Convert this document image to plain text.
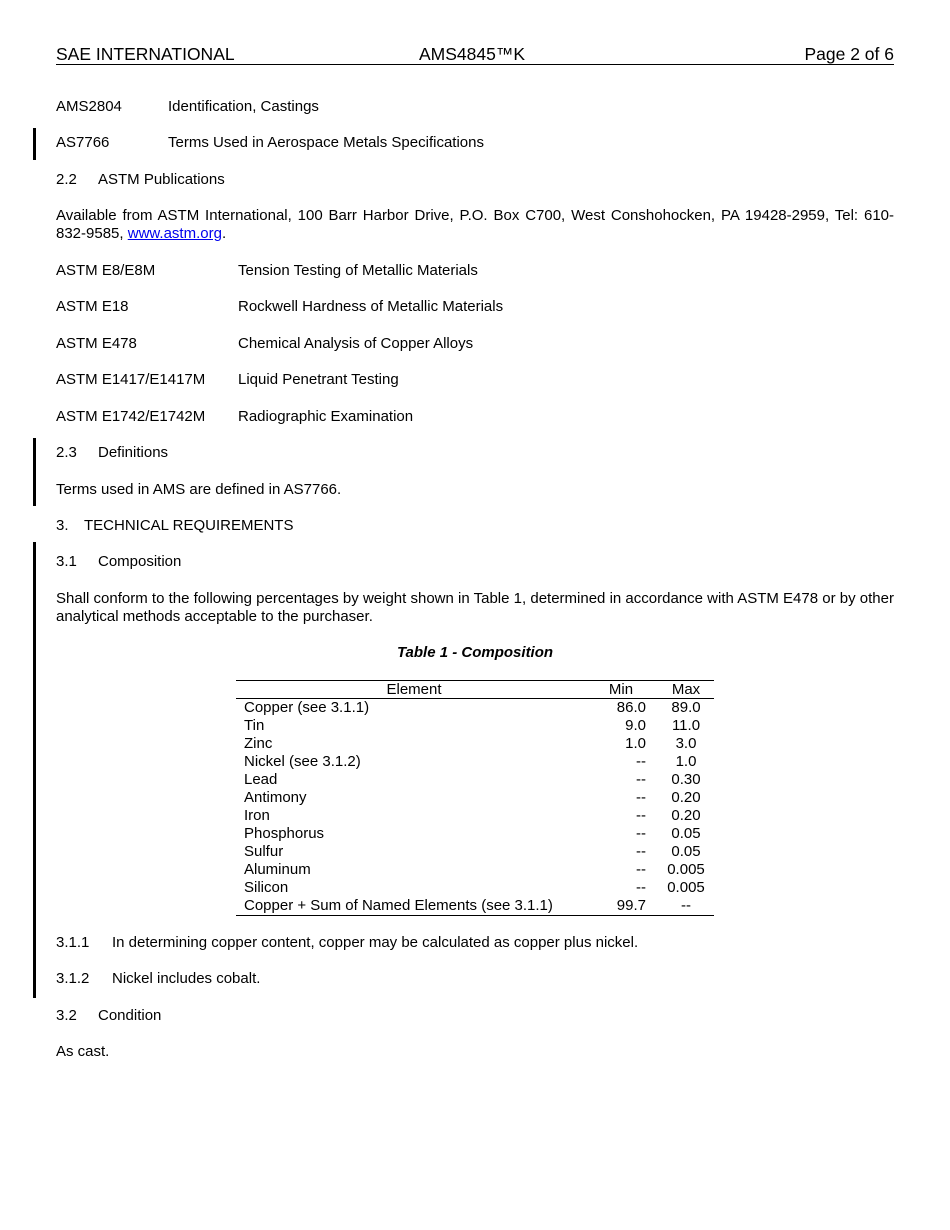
SAE INTERNATIONAL	AMS4845™K	Page 2 of 6
AMS2804	Identification, Castings
AS7766	Terms Used in Aerospace Metals Specifications
2.2 ASTM Publications
Available from ASTM International, 100 Barr Harbor Drive, P.O. Box C700, West Conshohocken, PA 19428-2959, Tel: 610-832-9585, www.astm.org.
ASTM E8/E8M	Tension Testing of Metallic Materials
ASTM E18	Rockwell Hardness of Metallic Materials
ASTM E478	Chemical Analysis of Copper Alloys
ASTM E1417/E1417M Liquid Penetrant Testing
ASTM E1742/E1742M Radiographic Examination
2.3 Definitions
Terms used in AMS are defined in AS7766.
3. TECHNICAL REQUIREMENTS
3.1 Composition
Shall conform to the following percentages by weight shown in Table 1, determined in accordance with ASTM E478 or by other analytical methods acceptable to the purchaser.
Table 1 - Composition
Element	Min	Max
Copper (see 3.1.1)	86.0	89.0
Tin	9.0	11.0
Zinc	1.0	3.0
Nickel (see 3.1.2)	--	1.0
Lead	--	0.30
Antimony	--	0.20
Iron	--	0.20
Phosphorus	--	0.05
Sulfur	--	0.05
Aluminum	--	0.005
Silicon	--	0.005
Copper + Sum of Named Elements (see 3.1.1)	99.7	--
3.1.1 In determining copper content, copper may be calculated as copper plus nickel.
3.1.2 Nickel includes cobalt.
3.2 Condition
As cast.
